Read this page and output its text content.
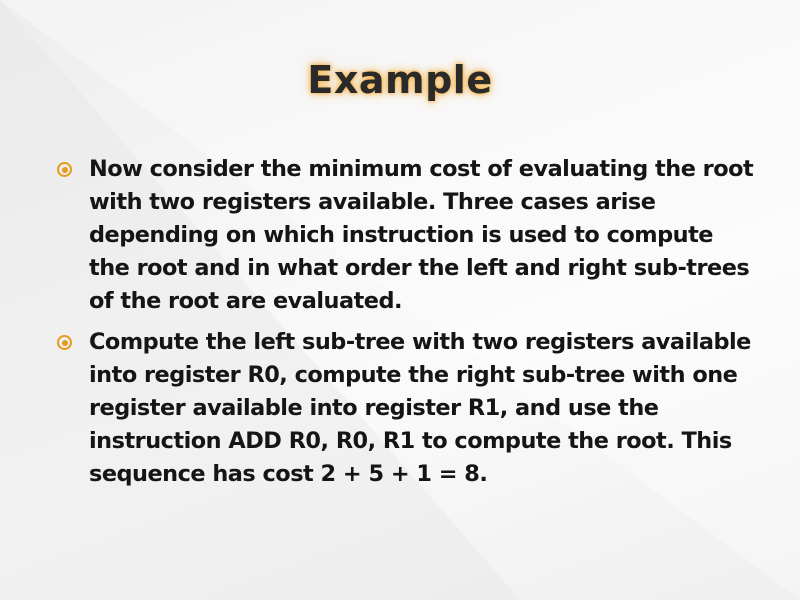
Example
Now consider the minimum cost of evaluating the root with two registers available. Three cases arise depending on which instruction is used to compute the root and in what order the left and right sub-trees of the root are evaluated.
Compute the left sub-tree with two registers available into register R0, compute the right sub-tree with one register available into register R1, and use the instruction ADD R0, R0, R1 to compute the root. This sequence has cost 2 + 5 + 1 = 8.
